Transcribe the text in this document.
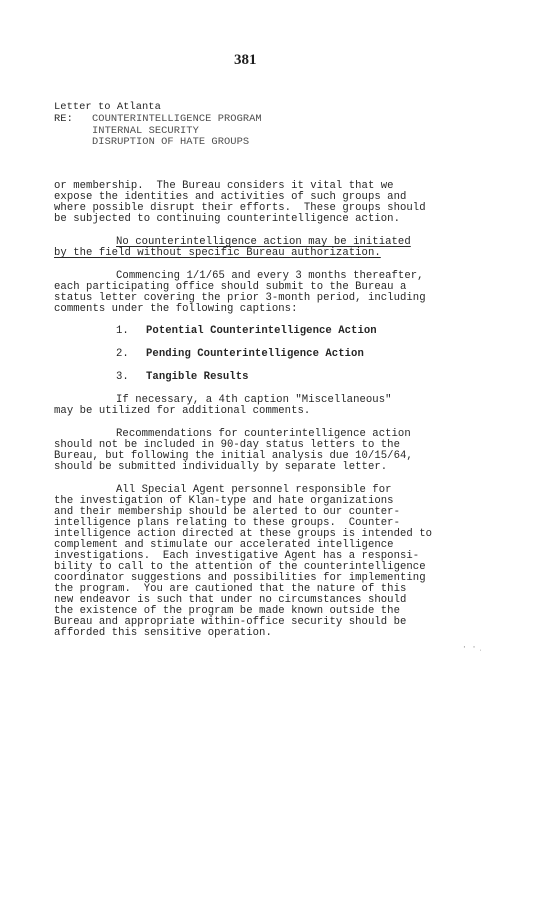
381
Letter to Atlanta
RE: COUNTERINTELLIGENCE PROGRAM
INTERNAL SECURITY
DISRUPTION OF HATE GROUPS
or membership.  The Bureau considers it vital that we
expose the identities and activities of such groups and
where possible disrupt their efforts.  These groups should
be subjected to continuing counterintelligence action.
No counterintelligence action may be initiated
by the field without specific Bureau authorization.
Commencing 1/1/65 and every 3 months thereafter,
each participating office should submit to the Bureau a
status letter covering the prior 3-month period, including
comments under the following captions:
1. Potential Counterintelligence Action
2. Pending Counterintelligence Action
3. Tangible Results
If necessary, a 4th caption "Miscellaneous"
may be utilized for additional comments.
Recommendations for counterintelligence action
should not be included in 90-day status letters to the
Bureau, but following the initial analysis due 10/15/64,
should be submitted individually by separate letter.
All Special Agent personnel responsible for
the investigation of Klan-type and hate organizations
and their membership should be alerted to our counter-
intelligence plans relating to these groups.  Counter-
intelligence action directed at these groups is intended to
complement and stimulate our accelerated intelligence
investigations.  Each investigative Agent has a responsi-
bility to call to the attention of the counterintelligence
coordinator suggestions and possibilities for implementing
the program.  You are cautioned that the nature of this
new endeavor is such that under no circumstances should
the existence of the program be made known outside the
Bureau and appropriate within-office security should be
afforded this sensitive operation.
· ·
˙
